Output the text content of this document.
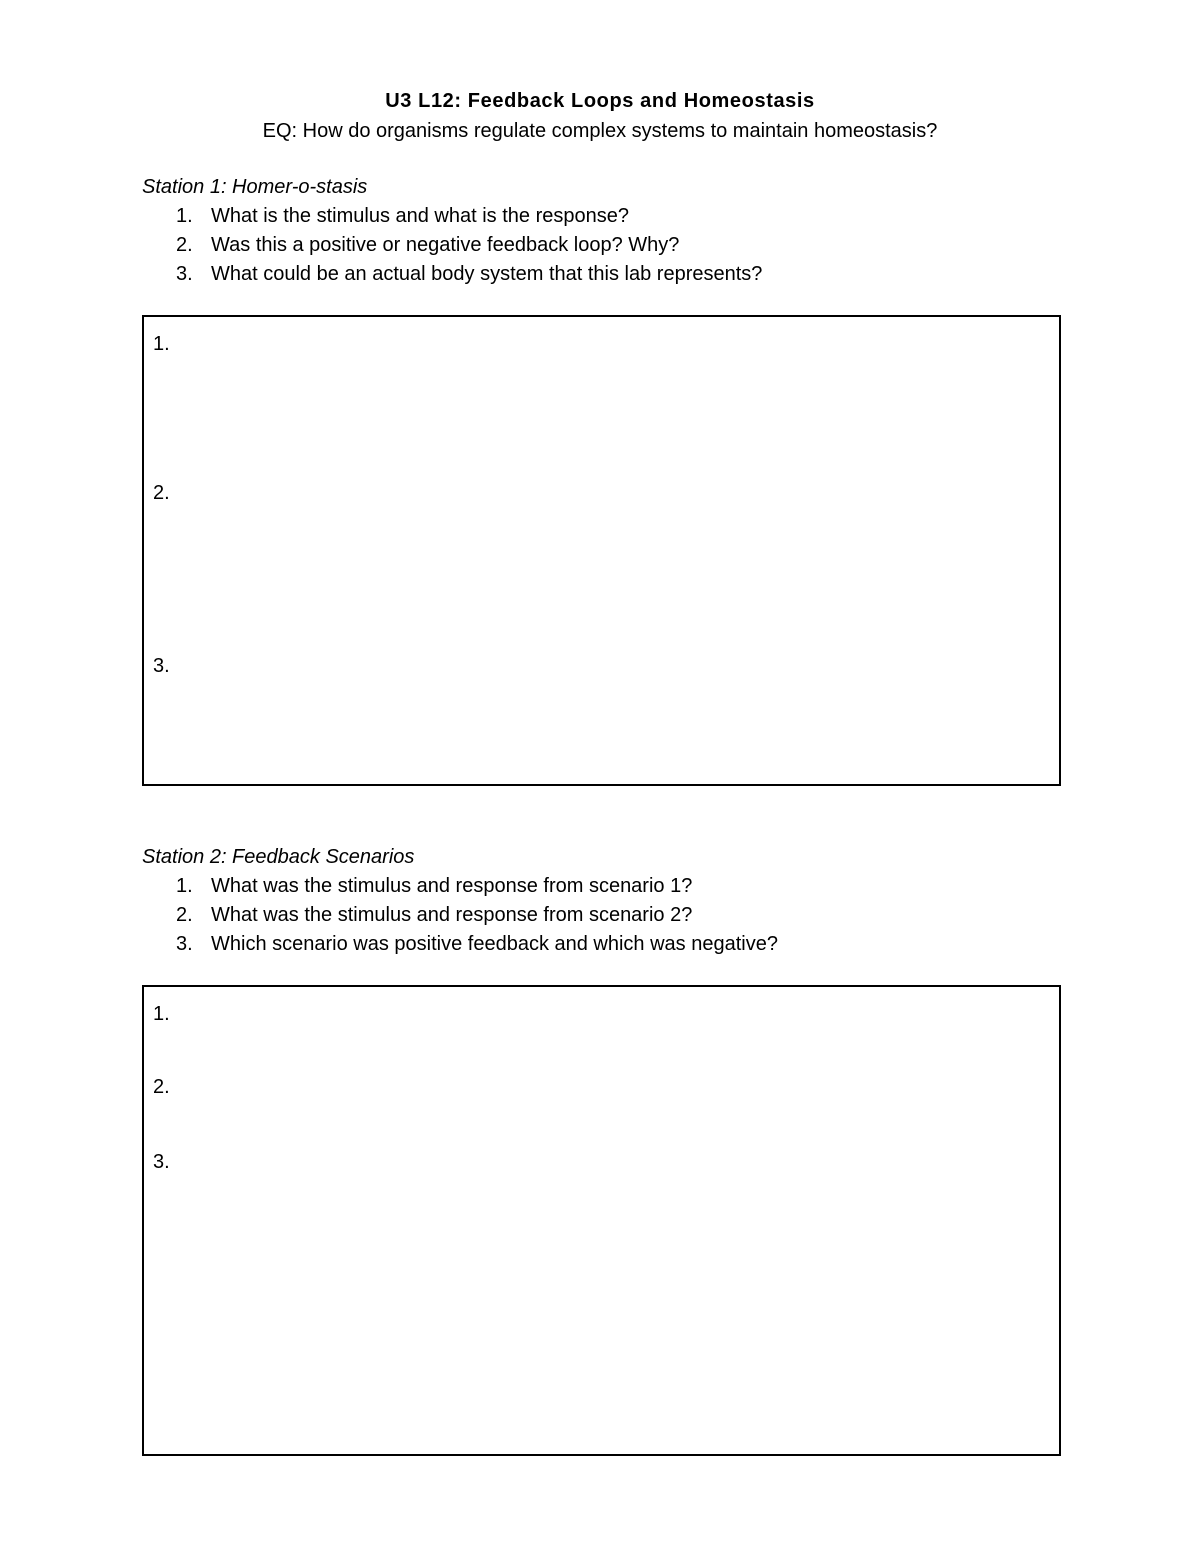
U3 L12: Feedback Loops and Homeostasis
EQ: How do organisms regulate complex systems to maintain homeostasis?
Station 1: Homer-o-stasis
1. What is the stimulus and what is the response?
2. Was this a positive or negative feedback loop? Why?
3. What could be an actual body system that this lab represents?
1.
2.
3.
Station 2: Feedback Scenarios
1. What was the stimulus and response from scenario 1?
2. What was the stimulus and response from scenario 2?
3. Which scenario was positive feedback and which was negative?
1.
2.
3.
